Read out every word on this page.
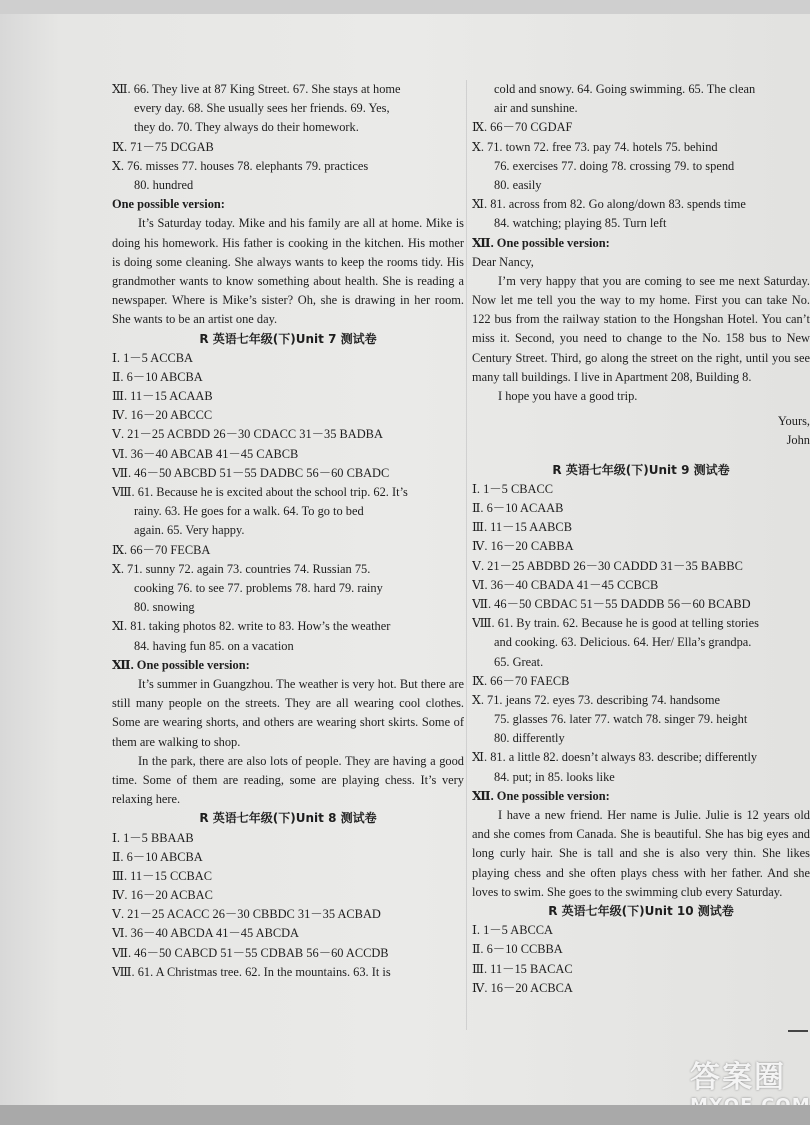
Ⅻ. 66. They live at 87 King Street. 67. She stays at home
every day. 68. She usually sees her friends. 69. Yes,
they do. 70. They always do their homework.
Ⅸ. 71－75 DCGAB
Ⅹ. 76. misses 77. houses 78. elephants 79. practices
80. hundred
One possible version:
It’s Saturday today. Mike and his family are all at home. Mike is doing his homework. His father is cooking in the kitchen. His mother is doing some cleaning. She always wants to keep the rooms tidy. His grandmother wants to know something about health. She is reading a newspaper. Where is Mike’s sister? Oh, she is drawing in her room. She wants to be an artist one day.
R 英语七年级(下)Unit 7 测试卷
Ⅰ. 1－5 ACCBA
Ⅱ. 6－10 ABCBA
Ⅲ. 11－15 ACAAB
Ⅳ. 16－20 ABCCC
Ⅴ. 21－25 ACBDD 26－30 CDACC 31－35 BADBA
Ⅵ. 36－40 ABCAB 41－45 CABCB
Ⅶ. 46－50 ABCBD 51－55 DADBC 56－60 CBADC
Ⅷ. 61. Because he is excited about the school trip. 62. It’s
rainy. 63. He goes for a walk. 64. To go to bed
again. 65. Very happy.
Ⅸ. 66－70 FECBA
Ⅹ. 71. sunny 72. again 73. countries 74. Russian 75.
cooking 76. to see 77. problems 78. hard 79. rainy
80. snowing
Ⅺ. 81. taking photos 82. write to 83. How’s the weather
84. having fun 85. on a vacation
Ⅻ. One possible version:
It’s summer in Guangzhou. The weather is very hot. But there are still many people on the streets. They are all wearing cool clothes. Some are wearing shorts, and others are wearing short skirts. Some of them are walking to shop.
In the park, there are also lots of people. They are having a good time. Some of them are reading, some are playing chess. It’s very relaxing here.
R 英语七年级(下)Unit 8 测试卷
Ⅰ. 1－5 BBAAB
Ⅱ. 6－10 ABCBA
Ⅲ. 11－15 CCBAC
Ⅳ. 16－20 ACBAC
Ⅴ. 21－25 ACACC 26－30 CBBDC 31－35 ACBAD
Ⅵ. 36－40 ABCDA 41－45 ABCDA
Ⅶ. 46－50 CABCD 51－55 CDBAB 56－60 ACCDB
Ⅷ. 61. A Christmas tree. 62. In the mountains. 63. It is
cold and snowy. 64. Going swimming. 65. The clean
air and sunshine.
Ⅸ. 66－70 CGDAF
Ⅹ. 71. town 72. free 73. pay 74. hotels 75. behind
76. exercises 77. doing 78. crossing 79. to spend
80. easily
Ⅺ. 81. across from 82. Go along/down 83. spends time
84. watching; playing 85. Turn left
Ⅻ. One possible version:
Dear Nancy,
I’m very happy that you are coming to see me next Saturday. Now let me tell you the way to my home. First you can take No. 122 bus from the railway station to the Hongshan Hotel. You can’t miss it. Second, you need to change to the No. 158 bus to New Century Street. Third, go along the street on the right, until you see many tall buildings. I live in Apartment 208, Building 8.
I hope you have a good trip.
Yours,
John
R 英语七年级(下)Unit 9 测试卷
Ⅰ. 1－5 CBACC
Ⅱ. 6－10 ACAAB
Ⅲ. 11－15 AABCB
Ⅳ. 16－20 CABBA
Ⅴ. 21－25 ABDBD 26－30 CADDD 31－35 BABBC
Ⅵ. 36－40 CBADA 41－45 CCBCB
Ⅶ. 46－50 CBDAC 51－55 DADDB 56－60 BCABD
Ⅷ. 61. By train. 62. Because he is good at telling stories
and cooking. 63. Delicious. 64. Her/ Ella’s grandpa.
65. Great.
Ⅸ. 66－70 FAECB
Ⅹ. 71. jeans 72. eyes 73. describing 74. handsome
75. glasses 76. later 77. watch 78. singer 79. height
80. differently
Ⅺ. 81. a little 82. doesn’t always 83. describe; differently
84. put; in 85. looks like
Ⅻ. One possible version:
I have a new friend. Her name is Julie. Julie is 12 years old and she comes from Canada. She is beautiful. She has big eyes and long curly hair. She is tall and she is also very thin. She likes playing chess and she often plays chess with her father. And she loves to swim. She goes to the swimming club every Saturday.
R 英语七年级(下)Unit 10 测试卷
Ⅰ. 1－5 ABCCA
Ⅱ. 6－10 CCBBA
Ⅲ. 11－15 BACAC
Ⅳ. 16－20 ACBCA
答案圈
